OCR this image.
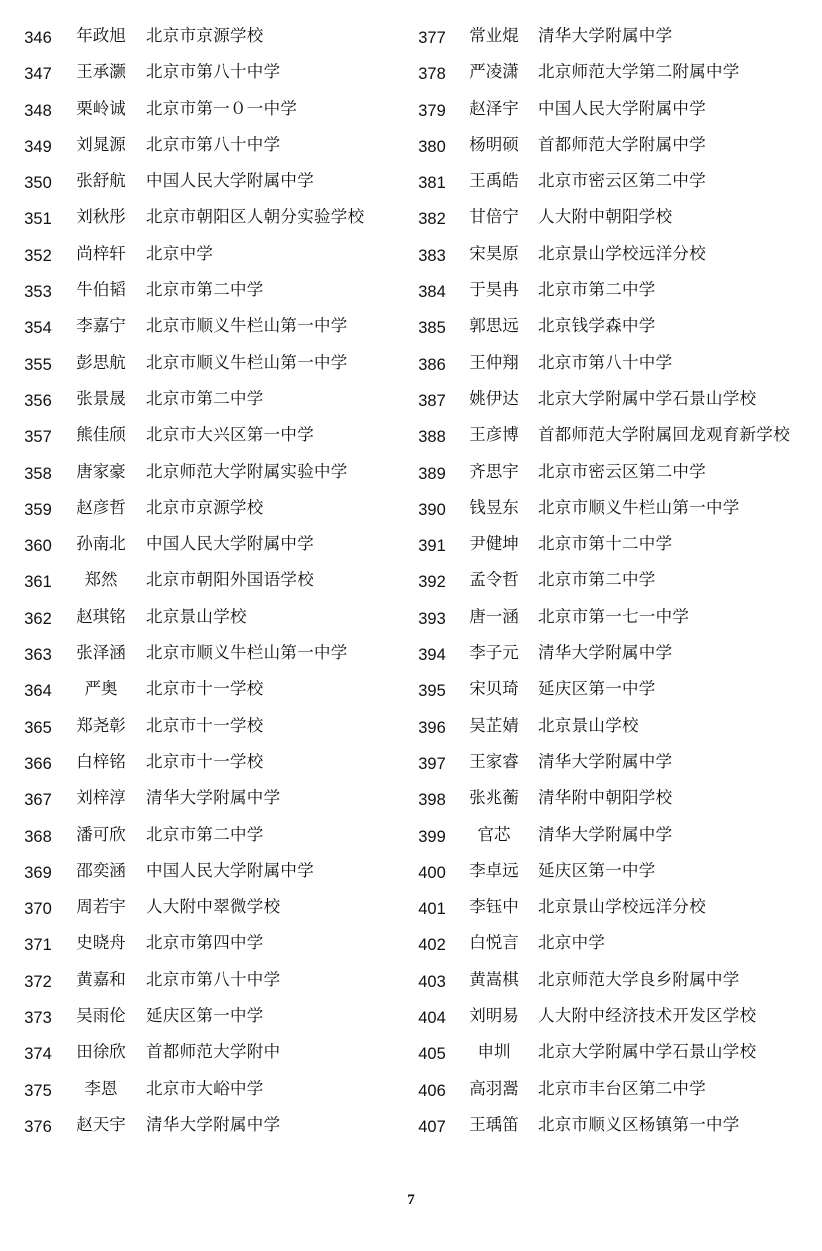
346	年政旭	北京市京源学校
347	王承灏	北京市第八十中学
348	栗岭诚	北京市第一０一中学
349	刘晁源	北京市第八十中学
350	张舒航	中国人民大学附属中学
351	刘秋彤	北京市朝阳区人朝分实验学校
352	尚梓轩	北京中学
353	牛伯韬	北京市第二中学
354	李嘉宁	北京市顺义牛栏山第一中学
355	彭思航	北京市顺义牛栏山第一中学
356	张景晟	北京市第二中学
357	熊佳颀	北京市大兴区第一中学
358	唐家豪	北京师范大学附属实验中学
359	赵彦哲	北京市京源学校
360	孙南北	中国人民大学附属中学
361	郑然	北京市朝阳外国语学校
362	赵琪铭	北京景山学校
363	张泽涵	北京市顺义牛栏山第一中学
364	严奥	北京市十一学校
365	郑尧彰	北京市十一学校
366	白梓铭	北京市十一学校
367	刘梓淳	清华大学附属中学
368	潘可欣	北京市第二中学
369	邵奕涵	中国人民大学附属中学
370	周若宇	人大附中翠微学校
371	史晓舟	北京市第四中学
372	黄嘉和	北京市第八十中学
373	吴雨伦	延庆区第一中学
374	田徐欣	首都师范大学附中
375	李恩	北京市大峪中学
376	赵天宇	清华大学附属中学
377	常业焜	清华大学附属中学
378	严凌潇	北京师范大学第二附属中学
379	赵泽宇	中国人民大学附属中学
380	杨明硕	首都师范大学附属中学
381	王禹皓	北京市密云区第二中学
382	甘倍宁	人大附中朝阳学校
383	宋昊原	北京景山学校远洋分校
384	于昊冉	北京市第二中学
385	郭思远	北京钱学森中学
386	王仲翔	北京市第八十中学
387	姚伊达	北京大学附属中学石景山学校
388	王彦博	首都师范大学附属回龙观育新学校
389	齐思宇	北京市密云区第二中学
390	钱昱东	北京市顺义牛栏山第一中学
391	尹健坤	北京市第十二中学
392	孟令哲	北京市第二中学
393	唐一涵	北京市第一七一中学
394	李子元	清华大学附属中学
395	宋贝琦	延庆区第一中学
396	吴芷婧	北京景山学校
397	王家睿	清华大学附属中学
398	张兆蘅	清华附中朝阳学校
399	官芯	清华大学附属中学
400	李卓远	延庆区第一中学
401	李钰中	北京景山学校远洋分校
402	白悦言	北京中学
403	黄嵩棋	北京师范大学良乡附属中学
404	刘明易	人大附中经济技术开发区学校
405	申圳	北京大学附属中学石景山学校
406	高羽翯	北京市丰台区第二中学
407	王瑀笛	北京市顺义区杨镇第一中学
7
